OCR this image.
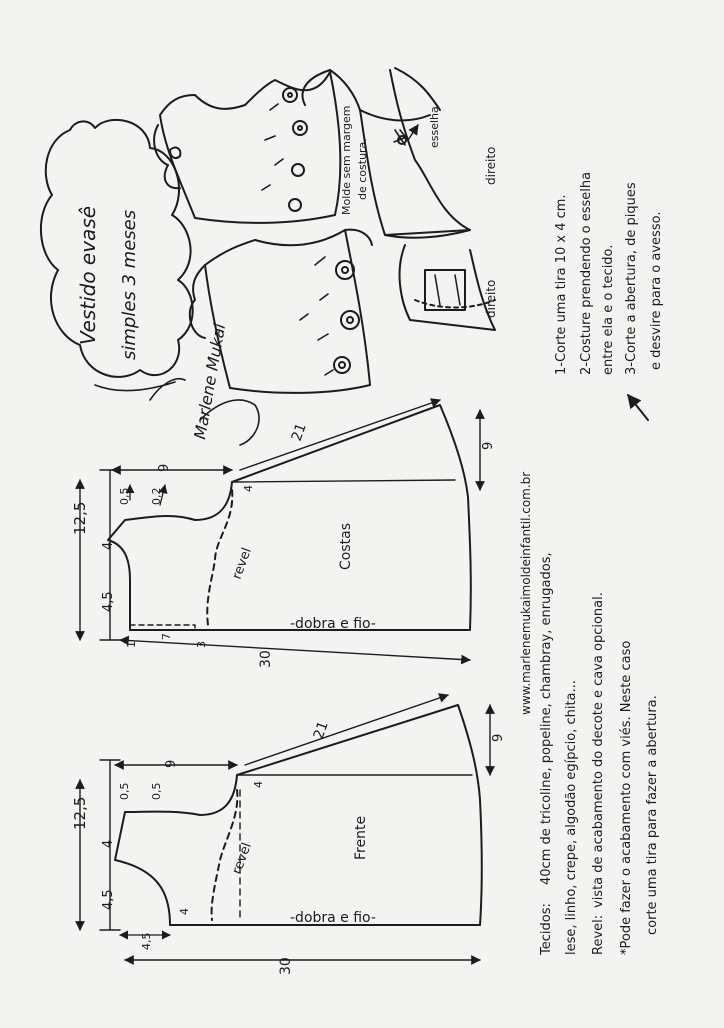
12,5
4,5
4
9
21
9
30
0,5 0,2	4
1
7
3
Costas
-dobra e fio-
revel
12,5
4,5
4
9
21	9
30
0,5 0,5	4
4
4,5
Frente
-dobra e fio-
revel
Vestido evasê simples 3 meses
Molde sem margem de costura.
esselha
direito
direito
Marlene Mukai
1-Corte uma tira 10 x 4 cm. 2-Costure prendendo o esselha entre ela e o tecido. 3-Corte a abertura, de piques e desvire para o avesso.
www.marlenemukaimoldeinfantil.com.br
Tecidos:
40cm de tricoline, popeline, chambray, enrugados, lese, linho, crepe, algodão egípcio, chita... Revel:
vista de acabamento do decote e cava opcional. *Pode fazer o acabamento com viés. Neste caso corte uma tira para fazer a abertura.
